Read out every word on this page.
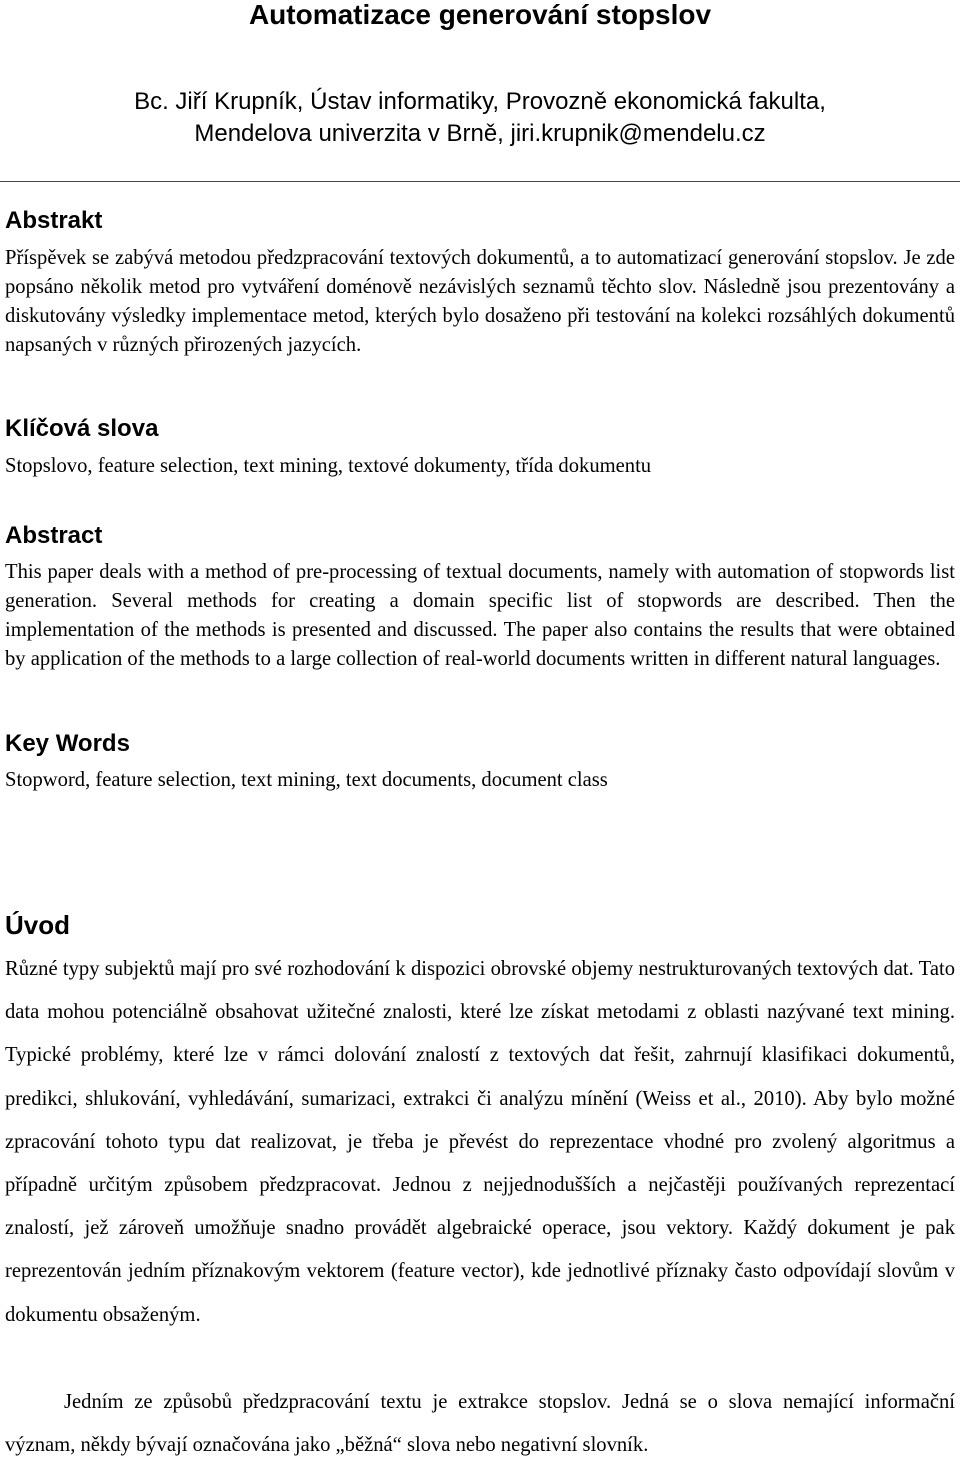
Automatizace generování stopslov
Bc. Jiří Krupník, Ústav informatiky, Provozně ekonomická fakulta,
Mendelova univerzita v Brně, jiri.krupnik@mendelu.cz
Abstrakt

Příspěvek se zabývá metodou předzpracování textových dokumentů, a to automatizací generování stopslov. Je zde popsáno několik metod pro vytváření doménově nezávislých seznamů těchto slov. Následně jsou prezentovány a diskutovány výsledky implementace metod, kterých bylo dosaženo při testování na kolekci rozsáhlých dokumentů napsaných v různých přirozených jazycích.

Klíčová slova

Stopslovo, feature selection, text mining, textové dokumenty, třída dokumentu

Abstract

This paper deals with a method of pre-processing of textual documents, namely with automation of stopwords list generation. Several methods for creating a domain specific list of stopwords are described. Then the implementation of the methods is presented and discussed. The paper also contains the results that were obtained by application of the methods to a large collection of real-world documents written in different natural languages.

Key Words

Stopword, feature selection, text mining, text documents, document class

Úvod

Různé typy subjektů mají pro své rozhodování k dispozici obrovské objemy nestrukturovaných textových dat. Tato data mohou potenciálně obsahovat užitečné znalosti, které lze získat metodami z oblasti nazývané text mining. Typické problémy, které lze v rámci dolování znalostí z textových dat řešit, zahrnují klasifikaci dokumentů, predikci, shlukování, vyhledávání, sumarizaci, extrakci či analýzu mínění (Weiss et al., 2010). Aby bylo možné zpracování tohoto typu dat realizovat, je třeba je převést do reprezentace vhodné pro zvolený algoritmus a případně určitým způsobem předzpracovat. Jednou z nejjednodušších a nejčastěji používaných reprezentací znalostí, jež zároveň umožňuje snadno provádět algebraické operace, jsou vektory. Každý dokument je pak reprezentován jedním příznakovým vektorem (feature vector), kde jednotlivé příznaky často odpovídají slovům v dokumentu obsaženým.

Jedním ze způsobů předzpracování textu je extrakce stopslov. Jedná se o slova nemající informační význam, někdy bývají označována jako „běžná“ slova nebo negativní slovník.
